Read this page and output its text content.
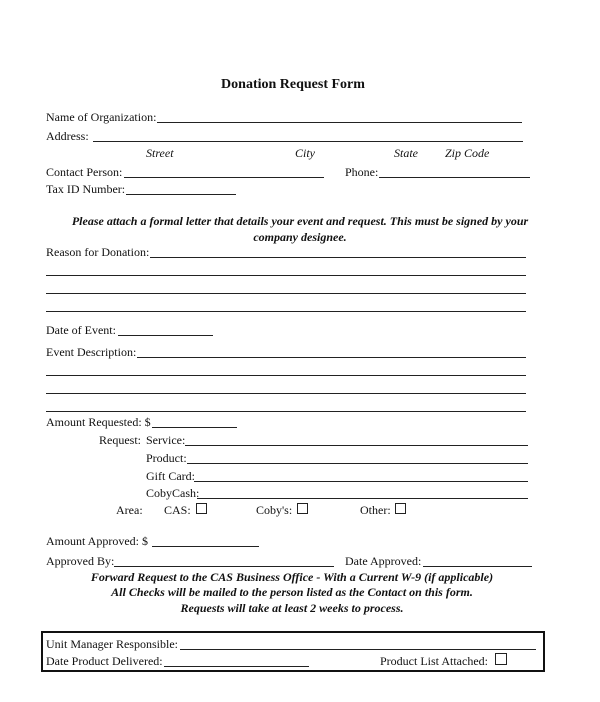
Donation Request Form
Name of Organization:
Address:
Street	City	State Zip Code
Contact Person:	Phone:
Tax ID Number:
Please attach a formal letter that details your event and request. This must be signed by your
company designee.
Reason for Donation:
Date of Event:
Event Description:
Amount Requested: $
Request: Service:
Product:
Gift Card:
CobyCash:
Area: CAS:	Coby's:	Other:
Amount Approved: $
Approved By:	Date Approved:
Forward Request to the CAS Business Office - With a Current W-9 (if applicable)
All Checks will be mailed to the person listed as the Contact on this form.
Requests will take at least 2 weeks to process.
Unit Manager Responsible:
Date Product Delivered:	Product List Attached:
